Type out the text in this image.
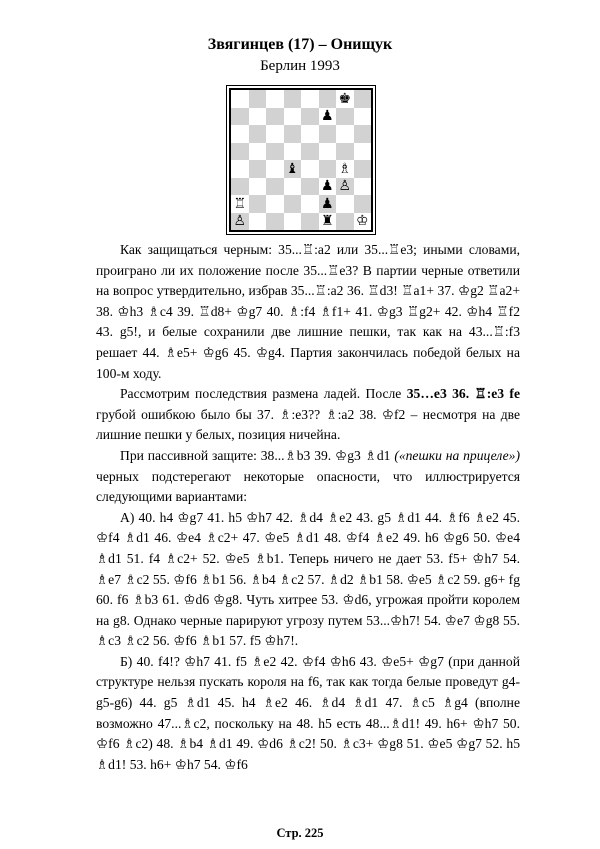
Звягинцев (17) – Онищук
Берлин 1993
♚
♟
♝	♗
♟ ♙
♖	♟
♙	♜ ♔

Как защищаться черным: 35...♖:a2 или 35...♖e3; иными словами, проиграно ли их положение после 35...♖e3? В партии черные ответили на вопрос утвердительно, избрав 35...♖:a2 36. ♖d3! ♖a1+ 37. ♔g2 ♖a2+ 38. ♔h3 ♗c4 39. ♖d8+ ♔g7 40. ♗:f4 ♗f1+ 41. ♔g3 ♖g2+ 42. ♔h4 ♖f2 43. g5!, и белые сохранили две лишние пешки, так как на 43...♖:f3 решает 44. ♗e5+ ♔g6 45. ♔g4. Партия закончилась победой белых на 100-м ходу.

Рассмотрим последствия размена ладей. После 35…e3 36. ♖:e3 fe грубой ошибкою было бы 37. ♗:e3?? ♗:a2 38. ♔f2 – несмотря на две лишние пешки у белых, позиция ничейна.

При пассивной защите: 38...♗b3 39. ♔g3 ♗d1 («пешки на прицеле») черных подстерегают некоторые опасности, что иллюстрируется следующими вариантами:

А) 40. h4 ♔g7 41. h5 ♔h7 42. ♗d4 ♗e2 43. g5 ♗d1 44. ♗f6 ♗e2 45. ♔f4 ♗d1 46. ♔e4 ♗c2+ 47. ♔e5 ♗d1 48. ♔f4 ♗e2 49. h6 ♔g6 50. ♔e4 ♗d1 51. f4 ♗c2+ 52. ♔e5 ♗b1. Теперь ничего не дает 53. f5+ ♔h7 54. ♗e7 ♗c2 55. ♔f6 ♗b1 56. ♗b4 ♗c2 57. ♗d2 ♗b1 58. ♔e5 ♗c2 59. g6+ fg 60. f6 ♗b3 61. ♔d6 ♔g8. Чуть хитрее 53. ♔d6, угрожая пройти королем на g8. Однако черные парируют угрозу путем 53...♔h7! 54. ♔e7 ♔g8 55. ♗c3 ♗c2 56. ♔f6 ♗b1 57. f5 ♔h7!.

Б) 40. f4!? ♔h7 41. f5 ♗e2 42. ♔f4 ♔h6 43. ♔e5+ ♔g7 (при данной структуре нельзя пускать короля на f6, так как тогда белые проведут g4-g5-g6) 44. g5 ♗d1 45. h4 ♗e2 46. ♗d4 ♗d1 47. ♗c5 ♗g4 (вполне возможно 47...♗c2, поскольку на 48. h5 есть 48...♗d1! 49. h6+ ♔h7 50. ♔f6 ♗c2) 48. ♗b4 ♗d1 49. ♔d6 ♗c2! 50. ♗c3+ ♔g8 51. ♔e5 ♔g7 52. h5 ♗d1! 53. h6+ ♔h7 54. ♔f6

Стр. 225
